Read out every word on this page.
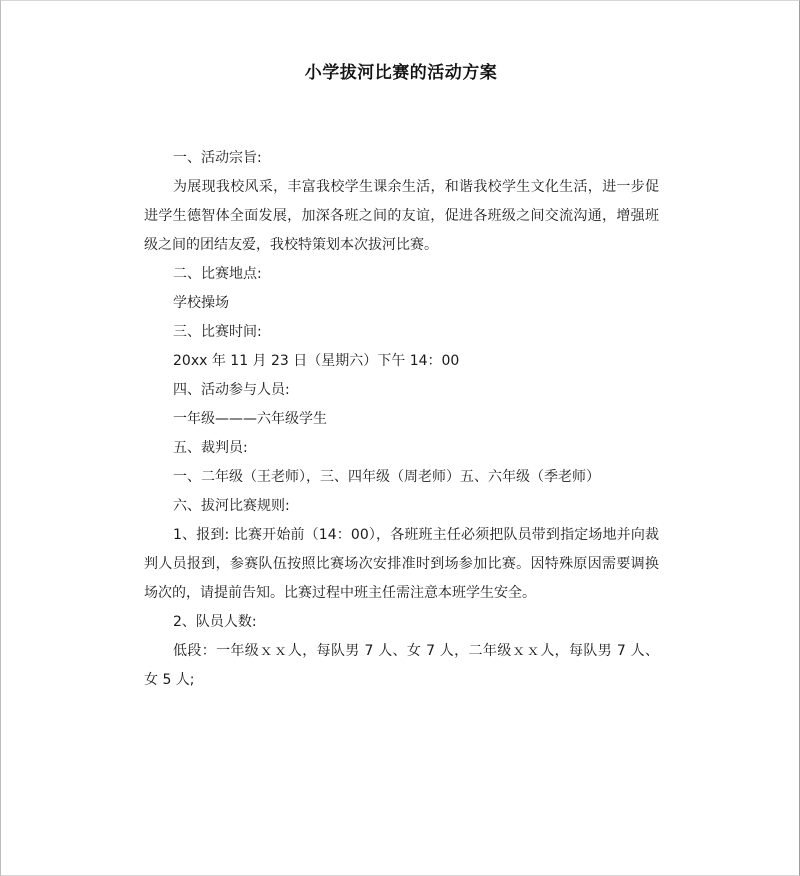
小学拔河比赛的活动方案

一、活动宗旨:

为展现我校风采，丰富我校学生课余生活，和谐我校学生文化生活，进一步促进学生德智体全面发展，加深各班之间的友谊，促进各班级之间交流沟通，增强班级之间的团结友爱，我校特策划本次拔河比赛。

二、比赛地点:

学校操场

三、比赛时间:

20xx 年 11 月 23 日（星期六）下午 14：00

四、活动参与人员:

一年级———六年级学生

五、裁判员:

一、二年级（王老师），三、四年级（周老师）五、六年级（季老师）

六、拔河比赛规则:

1、报到: 比赛开始前（14：00），各班班主任必须把队员带到指定场地并向裁判人员报到，参赛队伍按照比赛场次安排准时到场参加比赛。因特殊原因需要调换场次的，请提前告知。比赛过程中班主任需注意本班学生安全。

2、队员人数:

低段：一年级ｘｘ人，每队男 7 人、女 7 人，二年级ｘｘ人，每队男 7 人、女 5 人;
